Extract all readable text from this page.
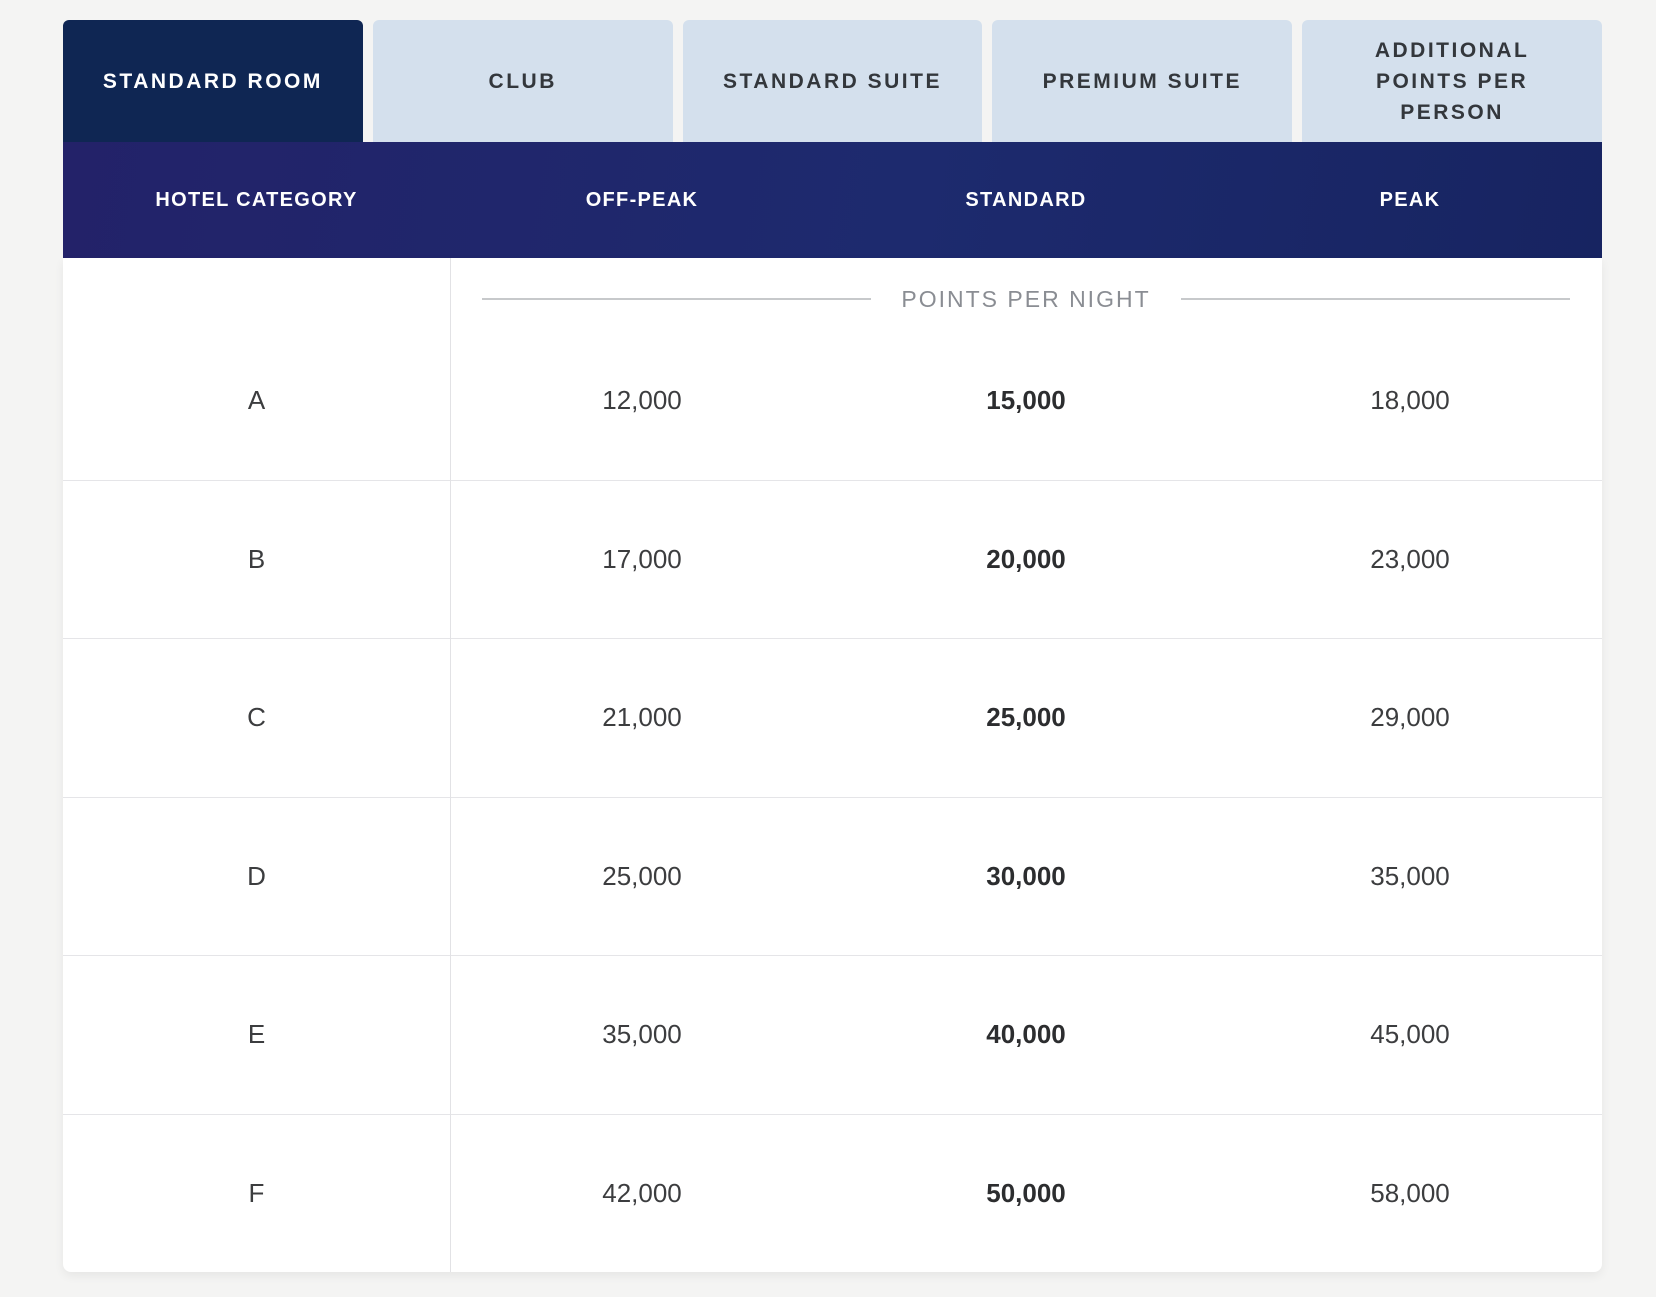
STANDARD ROOM	CLUB	STANDARD SUITE	PREMIUM SUITE
ADDITIONAL POINTS PER PERSON
HOTEL CATEGORY	OFF-PEAK	STANDARD	PEAK
POINTS PER NIGHT
A	12,000	15,000	18,000
B	17,000	20,000	23,000
C	21,000	25,000	29,000
D	25,000	30,000	35,000
E	35,000	40,000	45,000
F	42,000	50,000	58,000
